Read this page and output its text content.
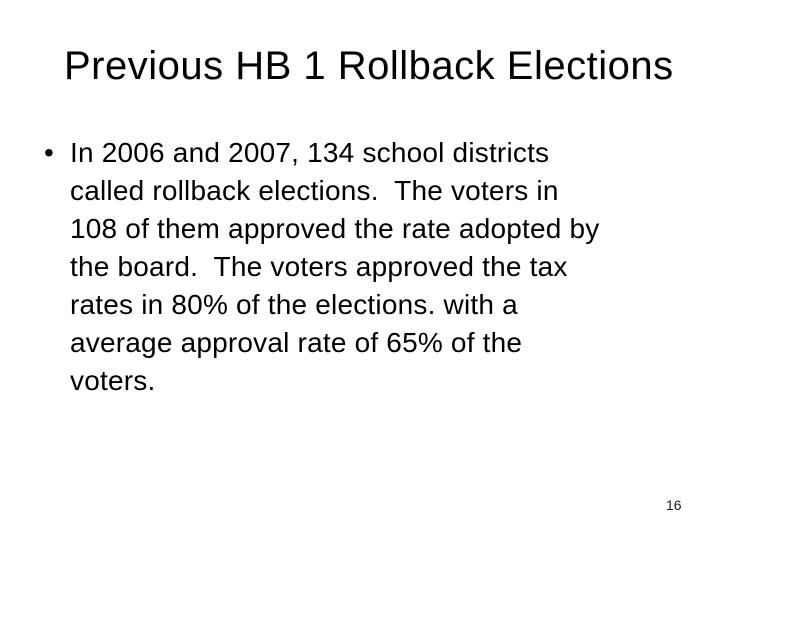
Previous HB 1 Rollback Elections
• In 2006 and 2007, 134 school districts
called rollback elections.  The voters in
108 of them approved the rate adopted by
the board.  The voters approved the tax
rates in 80% of the elections. with a
average approval rate of 65% of the
voters.
16
